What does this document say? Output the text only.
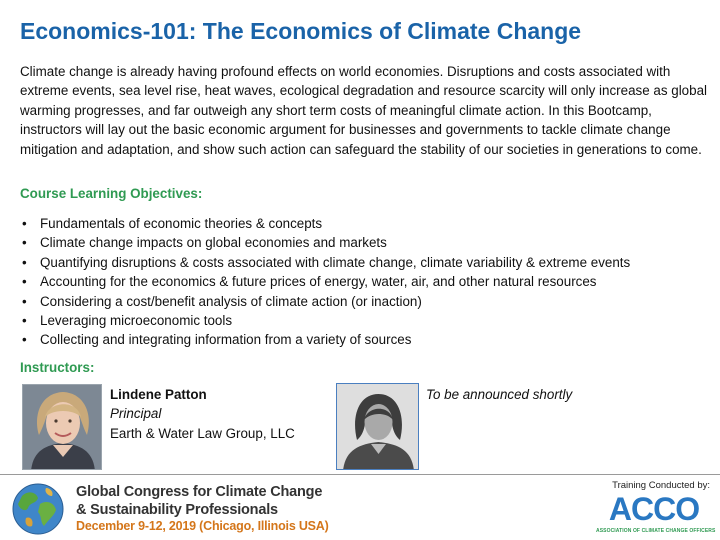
Economics-101: The Economics of Climate Change

Climate change is already having profound effects on world economies. Disruptions and costs associated with extreme events, sea level rise, heat waves, ecological degradation and resource scarcity will only increase as global warming progresses, and far outweigh any short term costs of meaningful climate action. In this Bootcamp, instructors will lay out the basic economic argument for businesses and governments to tackle climate change mitigation and adaptation, and show such action can safeguard the stability of our societies in generations to come.

Course Learning Objectives:
• Fundamentals of economic theories & concepts
• Climate change impacts on global economies and markets
• Quantifying disruptions & costs associated with climate change, climate variability & extreme events
• Accounting for the economics & future prices of energy, water, air, and other natural resources
• Considering a cost/benefit analysis of climate action (or inaction)
• Leveraging microeconomic tools
• Collecting and integrating information from a variety of sources
Instructors:
Lindene Patton
Principal
Earth & Water Law Group, LLC
To be announced shortly
Global Congress for Climate Change
& Sustainability Professionals
December 9-12, 2019 (Chicago, Illinois USA)
Training Conducted by:
ACCO
ASSOCIATION OF CLIMATE CHANGE OFFICERS
